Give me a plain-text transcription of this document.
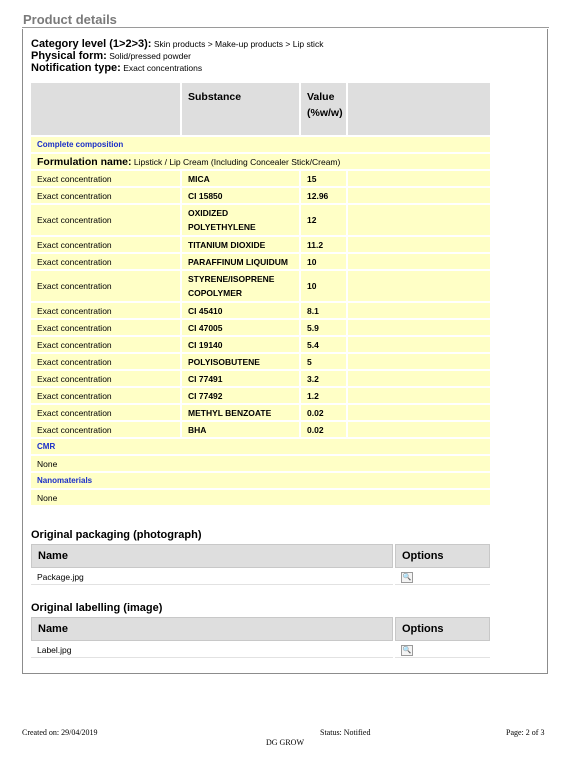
Product details
Category level (1>2>3): Skin products > Make-up products > Lip stick
Physical form: Solid/pressed powder
Notification type: Exact concentrations
	Substance	Value
(%w/w)	
Complete composition			
Formulation name: Lipstick / Lip Cream (Including Concealer Stick/Cream)			
Exact concentration	MICA	15	
Exact concentration	CI 15850	12.96	
Exact concentration	OXIDIZED
POLYETHYLENE	12	
Exact concentration	TITANIUM DIOXIDE	11.2	
Exact concentration	PARAFFINUM LIQUIDUM	10	
Exact concentration	STYRENE/ISOPRENE
COPOLYMER	10	
Exact concentration	CI 45410	8.1	
Exact concentration	CI 47005	5.9	
Exact concentration	CI 19140	5.4	
Exact concentration	POLYISOBUTENE	5	
Exact concentration	CI 77491	3.2	
Exact concentration	CI 77492	1.2	
Exact concentration	METHYL BENZOATE	0.02	
Exact concentration	BHA	0.02	
CMR			
None			
Nanomaterials			
None			
Original packaging (photograph)
Name	Options
Package.jpg	🔍
Original labelling (image)
Name	Options
Label.jpg	🔍
Created on: 29/04/2019	Status: Notified
DG GROW
Page: 2 of 3
